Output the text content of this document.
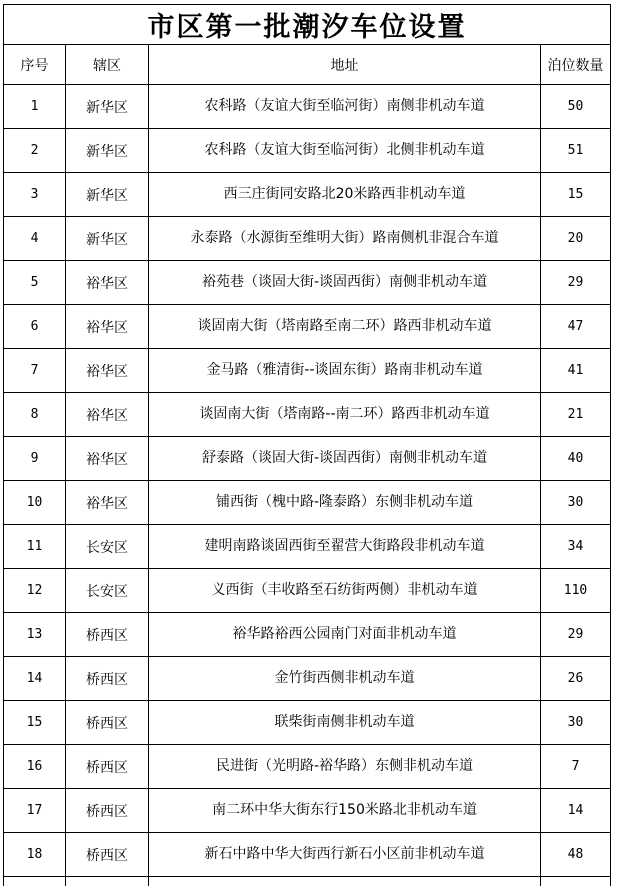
市区第一批潮汐车位设置			
序号	辖区	地址	泊位数量
1	新华区	农科路（友谊大街至临河街）南侧非机动车道	50
2	新华区	农科路（友谊大街至临河街）北侧非机动车道	51
3	新华区	西三庄街同安路北20米路西非机动车道	15
4	新华区	永泰路（水源街至维明大街）路南侧机非混合车道	20
5	裕华区	裕苑巷（谈固大街-谈固西街）南侧非机动车道	29
6	裕华区	谈固南大街（塔南路至南二环）路西非机动车道	47
7	裕华区	金马路（雅清街--谈固东街）路南非机动车道	41
8	裕华区	谈固南大街（塔南路--南二环）路西非机动车道	21
9	裕华区	舒泰路（谈固大街-谈固西街）南侧非机动车道	40
10	裕华区	铺西街（槐中路-隆泰路）东侧非机动车道	30
11	长安区	建明南路谈固西街至翟营大街路段非机动车道	34
12	长安区	义西街（丰收路至石纺街两侧）非机动车道	110
13	桥西区	裕华路裕西公园南门对面非机动车道	29
14	桥西区	金竹街西侧非机动车道	26
15	桥西区	联柴街南侧非机动车道	30
16	桥西区	民进街（光明路-裕华路）东侧非机动车道	7
17	桥西区	南二环中华大街东行150米路北非机动车道	14
18	桥西区	新石中路中华大街西行新石小区前非机动车道	48
